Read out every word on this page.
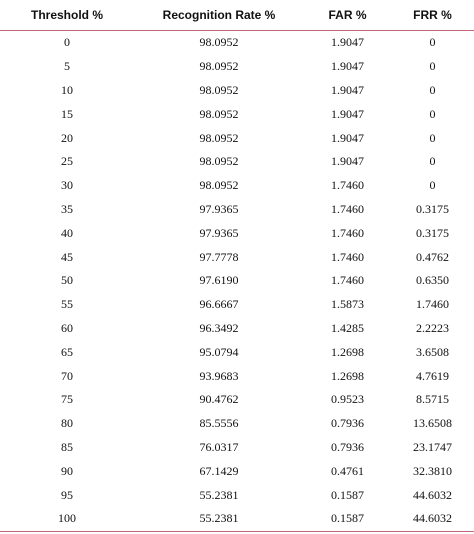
Threshold %	Recognition Rate %	FAR %	FRR %
0	98.0952	1.9047	0
5	98.0952	1.9047	0
10	98.0952	1.9047	0
15	98.0952	1.9047	0
20	98.0952	1.9047	0
25	98.0952	1.9047	0
30	98.0952	1.7460	0
35	97.9365	1.7460	0.3175
40	97.9365	1.7460	0.3175
45	97.7778	1.7460	0.4762
50	97.6190	1.7460	0.6350
55	96.6667	1.5873	1.7460
60	96.3492	1.4285	2.2223
65	95.0794	1.2698	3.6508
70	93.9683	1.2698	4.7619
75	90.4762	0.9523	8.5715
80	85.5556	0.7936	13.6508
85	76.0317	0.7936	23.1747
90	67.1429	0.4761	32.3810
95	55.2381	0.1587	44.6032
100	55.2381	0.1587	44.6032
